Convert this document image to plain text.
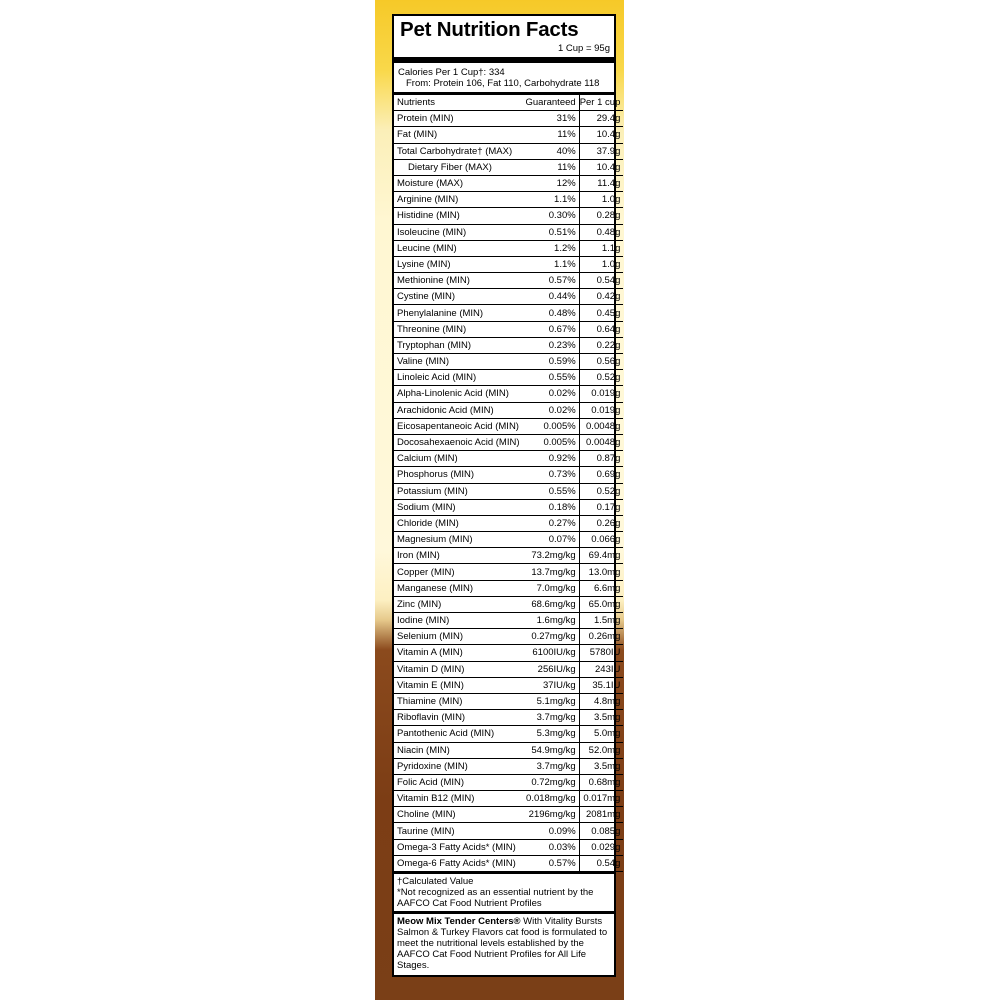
Pet Nutrition Facts
1 Cup = 95g
Calories Per 1 Cup†: 334
From: Protein 106, Fat 110, Carbohydrate 118
Nutrients	Guaranteed	Per 1 cup
Protein (MIN)	31%	29.4g
Fat (MIN)	11%	10.4g
Total Carbohydrate† (MAX)	40%	37.9g
Dietary Fiber (MAX)	11%	10.4g
Moisture (MAX)	12%	11.4g
Arginine (MIN)	1.1%	1.0g
Histidine (MIN)	0.30%	0.28g
Isoleucine (MIN)	0.51%	0.48g
Leucine (MIN)	1.2%	1.1g
Lysine (MIN)	1.1%	1.0g
Methionine (MIN)	0.57%	0.54g
Cystine (MIN)	0.44%	0.42g
Phenylalanine (MIN)	0.48%	0.45g
Threonine (MIN)	0.67%	0.64g
Tryptophan (MIN)	0.23%	0.22g
Valine (MIN)	0.59%	0.56g
Linoleic Acid (MIN)	0.55%	0.52g
Alpha-Linolenic Acid (MIN)	0.02%	0.019g
Arachidonic Acid (MIN)	0.02%	0.019g
Eicosapentaneoic Acid (MIN)	0.005%	0.0048g
Docosahexaenoic Acid (MIN)	0.005%	0.0048g
Calcium (MIN)	0.92%	0.87g
Phosphorus (MIN)	0.73%	0.69g
Potassium (MIN)	0.55%	0.52g
Sodium (MIN)	0.18%	0.17g
Chloride (MIN)	0.27%	0.26g
Magnesium (MIN)	0.07%	0.066g
Iron (MIN)	73.2mg/kg	69.4mg
Copper (MIN)	13.7mg/kg	13.0mg
Manganese (MIN)	7.0mg/kg	6.6mg
Zinc (MIN)	68.6mg/kg	65.0mg
Iodine (MIN)	1.6mg/kg	1.5mg
Selenium (MIN)	0.27mg/kg	0.26mg
Vitamin A (MIN)	6100IU/kg	5780IU
Vitamin D (MIN)	256IU/kg	243IU
Vitamin E (MIN)	37IU/kg	35.1IU
Thiamine (MIN)	5.1mg/kg	4.8mg
Riboflavin (MIN)	3.7mg/kg	3.5mg
Pantothenic Acid (MIN)	5.3mg/kg	5.0mg
Niacin (MIN)	54.9mg/kg	52.0mg
Pyridoxine (MIN)	3.7mg/kg	3.5mg
Folic Acid (MIN)	0.72mg/kg	0.68mg
Vitamin B12 (MIN)	0.018mg/kg	0.017mg
Choline (MIN)	2196mg/kg	2081mg
Taurine (MIN)	0.09%	0.085g
Omega-3 Fatty Acids* (MIN)	0.03%	0.029g
Omega-6 Fatty Acids* (MIN)	0.57%	0.54g
†Calculated Value
*Not recognized as an essential nutrient by the AAFCO Cat Food Nutrient Profiles
Meow Mix Tender Centers® With Vitality Bursts Salmon & Turkey Flavors cat food is formulated to meet the nutritional levels established by the AAFCO Cat Food Nutrient Profiles for All Life Stages.
